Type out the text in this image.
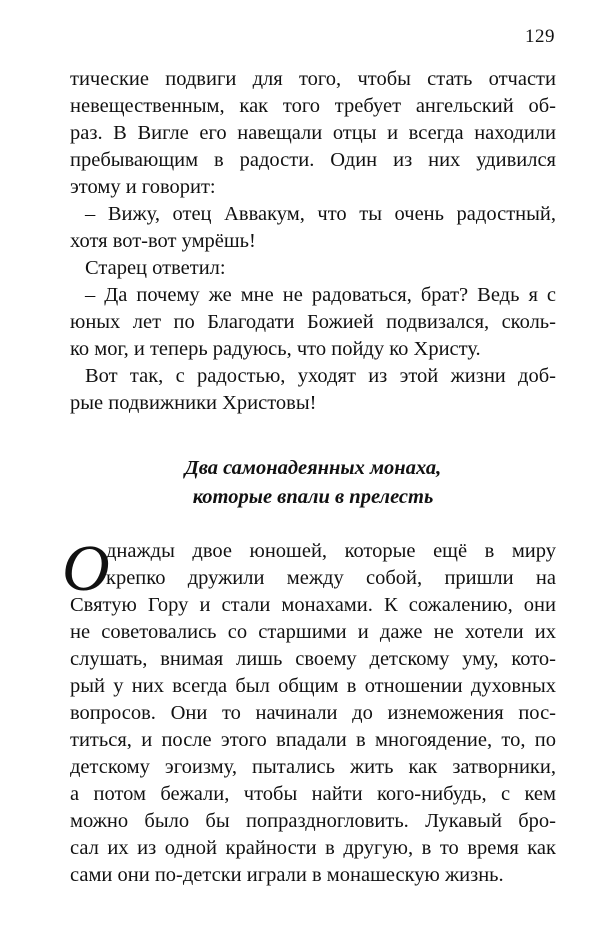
129
тические подвиги для того, чтобы стать отчасти
невещественным, как того требует ангельский об-
раз. В Вигле его навещали отцы и всегда находили
пребывающим в радости. Один из них удивился
этому и говорит:
– Вижу, отец Аввакум, что ты очень радостный,
хотя вот-вот умрёшь!
Старец ответил:
– Да почему же мне не радоваться, брат? Ведь я с
юных лет по Благодати Божией подвизался, сколь-
ко мог, и теперь радуюсь, что пойду ко Христу.
Вот так, с радостью, уходят из этой жизни доб-
рые подвижники Христовы!
Два самонадеянных монаха,
которые впали в прелесть
О
днажды двое юношей, которые ещё в миру
крепко дружили между собой, пришли на
Святую Гору и стали монахами. К сожалению, они
не советовались со старшими и даже не хотели их
слушать, внимая лишь своему детскому уму, кото-
рый у них всегда был общим в отношении духовных
вопросов. Они то начинали до изнеможения пос-
титься, и после этого впадали в многоядение, то, по
детскому эгоизму, пытались жить как затворники,
а потом бежали, чтобы найти кого-нибудь, с кем
можно было бы попраздногловить. Лукавый бро-
сал их из одной крайности в другую, в то время как
сами они по-детски играли в монашескую жизнь.
